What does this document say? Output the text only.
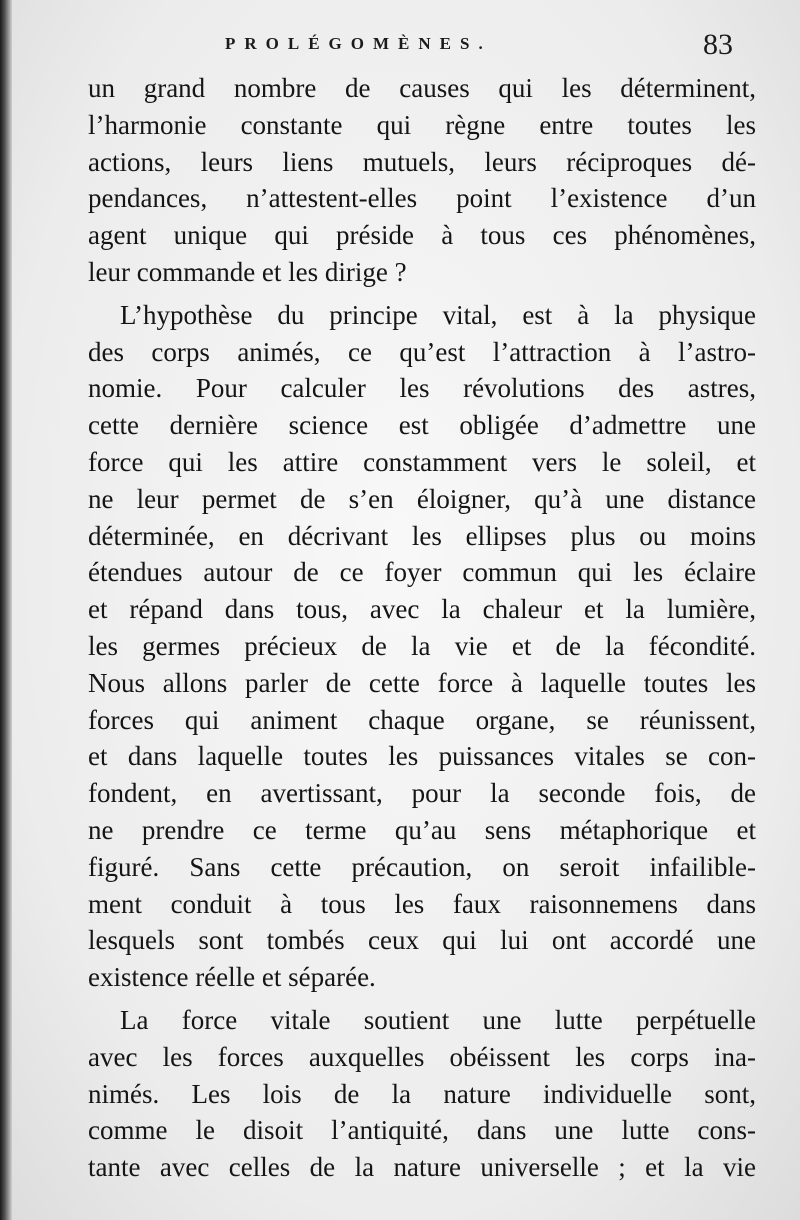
PROLÉGOMÈNES.	83
un grand nombre de causes qui les déterminent,
l’harmonie constante qui règne entre toutes les
actions, leurs liens mutuels, leurs réciproques dé-
pendances, n’attestent-elles point l’existence d’un
agent unique qui préside à tous ces phénomènes,
leur commande et les dirige ?
L’hypothèse du principe vital, est à la physique
des corps animés, ce qu’est l’attraction à l’astro-
nomie. Pour calculer les révolutions des astres,
cette dernière science est obligée d’admettre une
force qui les attire constamment vers le soleil, et
ne leur permet de s’en éloigner, qu’à une distance
déterminée, en décrivant les ellipses plus ou moins
étendues autour de ce foyer commun qui les éclaire
et répand dans tous, avec la chaleur et la lumière,
les germes précieux de la vie et de la fécondité.
Nous allons parler de cette force à laquelle toutes les
forces qui animent chaque organe, se réunissent,
et dans laquelle toutes les puissances vitales se con-
fondent, en avertissant, pour la seconde fois, de
ne prendre ce terme qu’au sens métaphorique et
figuré. Sans cette précaution, on seroit infailible-
ment conduit à tous les faux raisonnemens dans
lesquels sont tombés ceux qui lui ont accordé une
existence réelle et séparée.
La force vitale soutient une lutte perpétuelle
avec les forces auxquelles obéissent les corps ina-
nimés. Les lois de la nature individuelle sont,
comme le disoit l’antiquité, dans une lutte cons-
tante avec celles de la nature universelle ; et la vie
